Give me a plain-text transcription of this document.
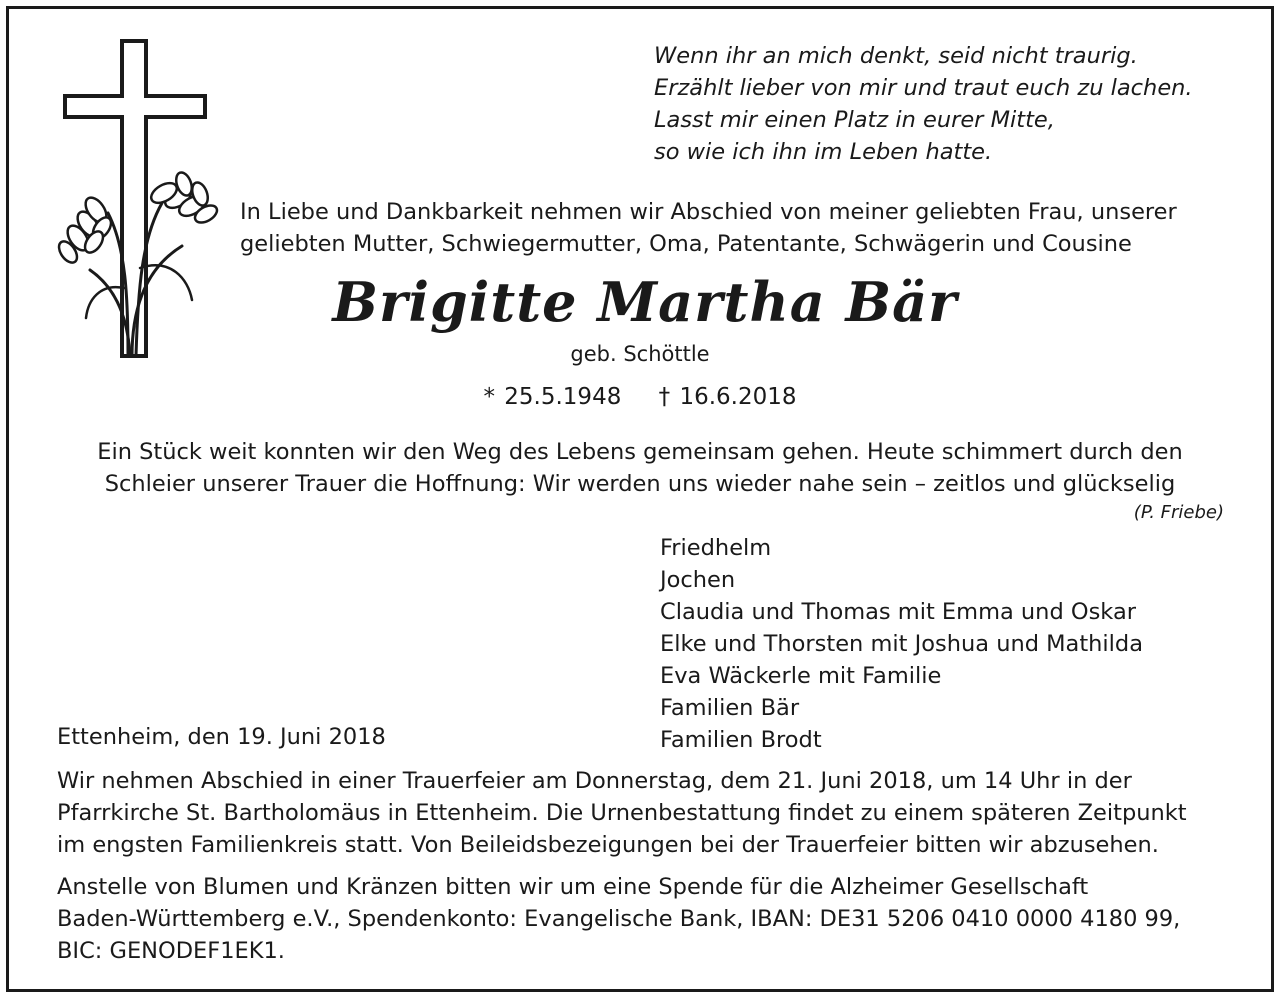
Wenn ihr an mich denkt, seid nicht traurig.
Erzählt lieber von mir und traut euch zu lachen.
Lasst mir einen Platz in eurer Mitte,
so wie ich ihn im Leben hatte.
In Liebe und Dankbarkeit nehmen wir Abschied von meiner geliebten Frau, unserer
geliebten Mutter, Schwiegermutter, Oma, Patentante, Schwägerin und Cousine
Brigitte Martha Bär
geb. Schöttle
* 25.5.1948 † 16.6.2018
Ein Stück weit konnten wir den Weg des Lebens gemeinsam gehen. Heute schimmert durch den
Schleier unserer Trauer die Hoffnung: Wir werden uns wieder nahe sein – zeitlos und glückselig
(P. Friebe)
Friedhelm
Jochen
Claudia und Thomas mit Emma und Oskar
Elke und Thorsten mit Joshua und Mathilda
Eva Wäckerle mit Familie
Familien Bär
Familien Brodt
Ettenheim, den 19. Juni 2018
Wir nehmen Abschied in einer Trauerfeier am Donnerstag, dem 21. Juni 2018, um 14 Uhr in der
Pfarrkirche St. Bartholomäus in Ettenheim. Die Urnenbestattung findet zu einem späteren Zeitpunkt
im engsten Familienkreis statt. Von Beileidsbezeigungen bei der Trauerfeier bitten wir abzusehen.
Anstelle von Blumen und Kränzen bitten wir um eine Spende für die Alzheimer Gesellschaft
Baden-Württemberg e.V., Spendenkonto: Evangelische Bank, IBAN: DE31 5206 0410 0000 4180 99,
BIC: GENODEF1EK1.
